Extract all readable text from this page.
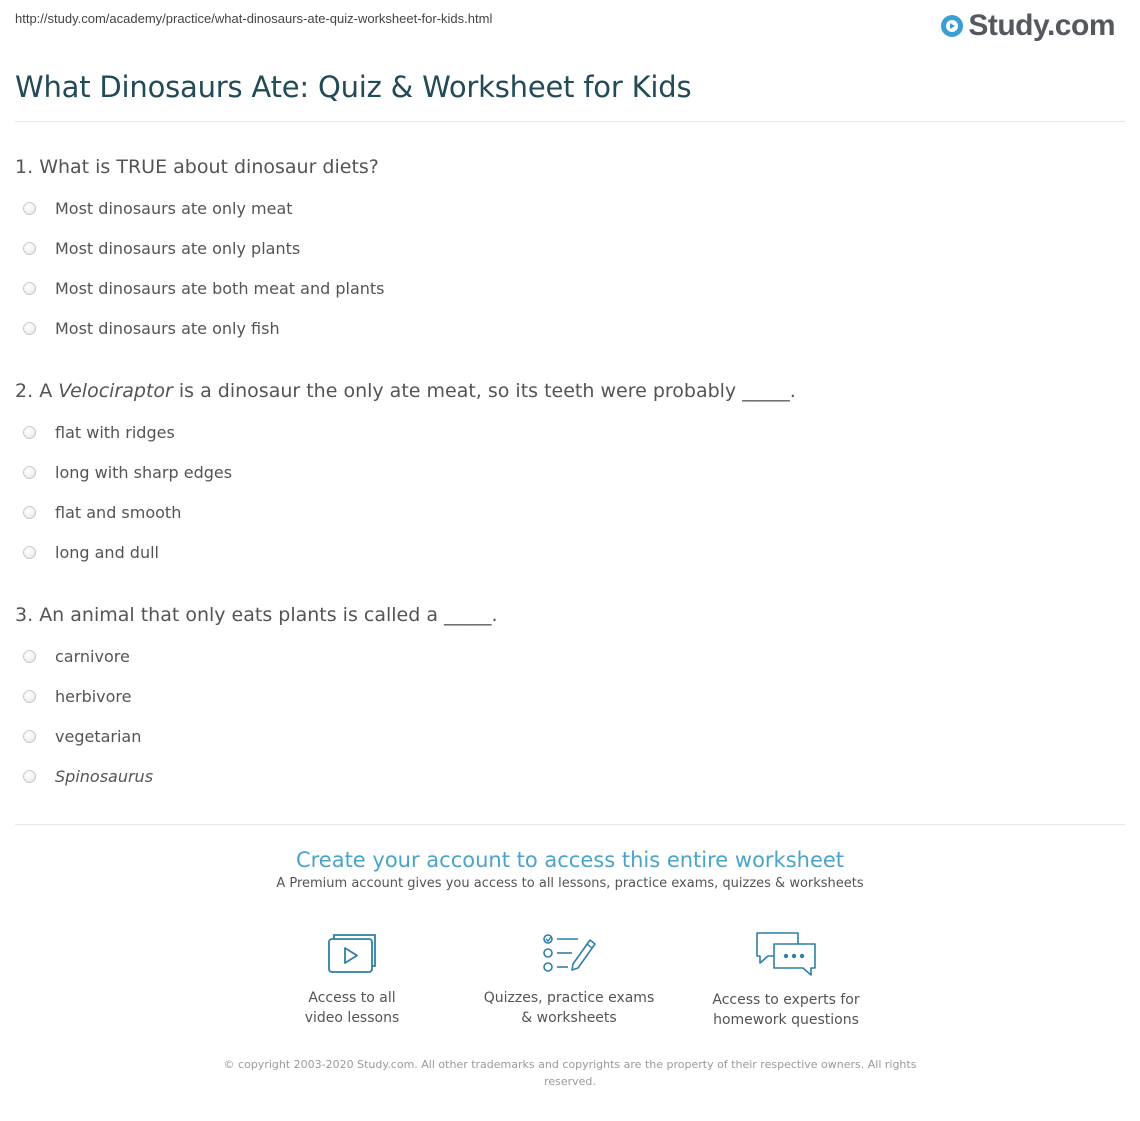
http://study.com/academy/practice/what-dinosaurs-ate-quiz-worksheet-for-kids.html	Study.com
What Dinosaurs Ate: Quiz & Worksheet for Kids

1. What is TRUE about dinosaur diets?

Most dinosaurs ate only meat
Most dinosaurs ate only plants
Most dinosaurs ate both meat and plants
Most dinosaurs ate only fish

2. A Velociraptor is a dinosaur the only ate meat, so its teeth were probably _____.

flat with ridges
long with sharp edges
flat and smooth
long and dull

3. An animal that only eats plants is called a _____.

carnivore
herbivore
vegetarian
Spinosaurus

Create your account to access this entire worksheet

A Premium account gives you access to all lessons, practice exams, quizzes & worksheets

Access to all
video lessons
Quizzes, practice exams
& worksheets
Access to experts for
homework questions
© copyright 2003-2020 Study.com. All other trademarks and copyrights are the property of their respective owners. All rights reserved.
